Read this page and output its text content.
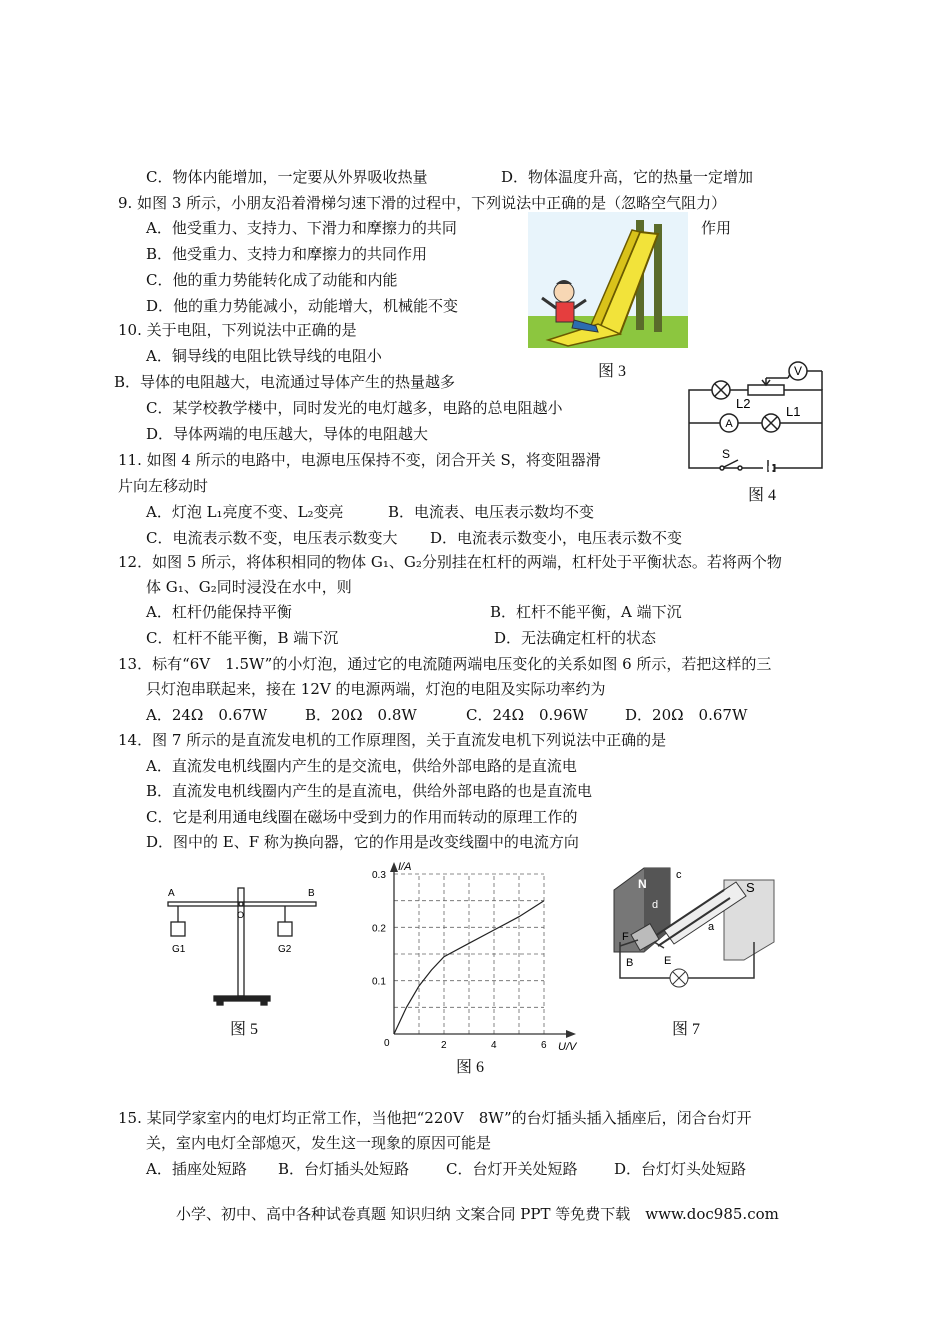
C．物体内能增加，一定要从外界吸收热量	D．物体温度升高，它的热量一定增加
9. 如图 3 所示，小朋友沿着滑梯匀速下滑的过程中，下列说法中正确的是（忽略空气阻力）
A．他受重力、支持力、下滑力和摩擦力的共同	作用
B．他受重力、支持力和摩擦力的共同作用
C．他的重力势能转化成了动能和内能
D．他的重力势能减小，动能增大，机械能不变
图 3
10. 关于电阻，下列说法中正确的是
A．铜导线的电阻比铁导线的电阻小
B．导体的电阻越大，电流通过导体产生的热量越多
C．某学校教学楼中，同时发光的电灯越多，电路的总电阻越小
D．导体两端的电压越大，导体的电阻越大
V
A
L2
L1
S
图 4
11. 如图 4 所示的电路中，电源电压保持不变，闭合开关 S，将变阻器滑
片向左移动时
A．灯泡 L₁亮度不变、L₂变亮	B．电流表、电压表示数均不变
C．电流表示数不变，电压表示数变大 D．电流表示数变小，电压表示数不变
12．如图 5 所示，将体积相同的物体 G₁、G₂分别挂在杠杆的两端，杠杆处于平衡状态。若将两个物
体 G₁、G₂同时浸没在水中，则
A．杠杆仍能保持平衡	B．杠杆不能平衡，A 端下沉
C．杠杆不能平衡，B 端下沉	D．无法确定杠杆的状态
13．标有“6V　1.5W”的小灯泡，通过它的电流随两端电压变化的关系如图 6 所示，若把这样的三
只灯泡串联起来，接在 12V 的电源两端，灯泡的电阻及实际功率约为
A．24Ω　0.67W	B．20Ω　0.8W	C．24Ω　0.96W D．20Ω　0.67W
14．图 7 所示的是直流发电机的工作原理图，关于直流发电机下列说法中正确的是
A．直流发电机线圈内产生的是交流电，供给外部电路的是直流电
B．直流发电机线圈内产生的是直流电，供给外部电路的也是直流电
C．它是利用通电线圈在磁场中受到力的作用而转动的原理工作的
D．图中的 E、F 称为换向器，它的作用是改变线圈中的电流方向
A	B
O
G1	G2
图 5
2	4	6
0.1
0.2
0.3
I/A
U/V
0
图 6
N	S
c
d
a
F
E
B
图 7
15. 某同学家室内的电灯均正常工作，当他把“220V　8W”的台灯插头插入插座后，闭合台灯开
关，室内电灯全部熄灭，发生这一现象的原因可能是
A．插座处短路 B．台灯插头处短路 C．台灯开关处短路 D．台灯灯头处短路
小学、初中、高中各种试卷真题 知识归纳 文案合同 PPT 等免费下载　www.doc985.com
